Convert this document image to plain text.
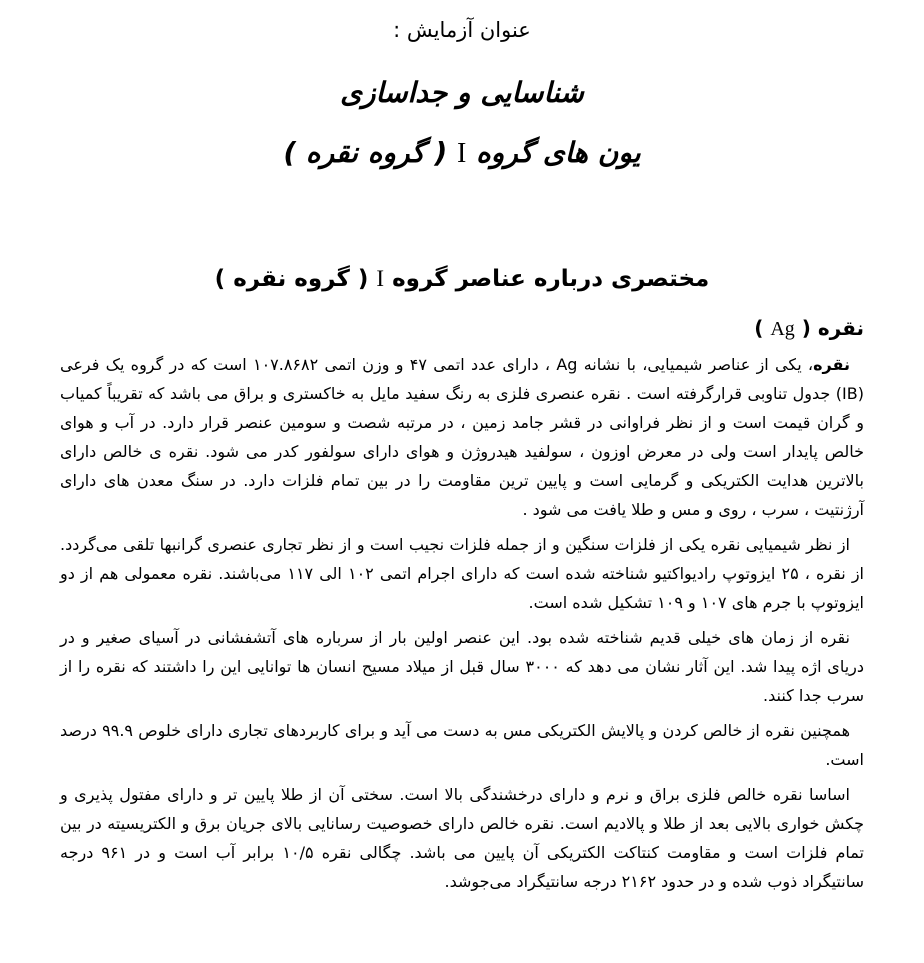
عنوان آزمایش :
شناسایی و جداسازی
یون های گروه I ( گروه نقره )
مختصری درباره عناصر گروه I ( گروه نقره )
نقره ( Ag )

نقره، یکی از عناصر شیمیایی، با نشانه Ag ، دارای عدد اتمی ۴۷ و وزن اتمی ۱۰۷.۸۶۸۲ است که در گروه یک فرعی (IB) جدول تناوبی قرارگرفته است . نقره عنصری فلزی به رنگ سفید مایل به خاکستری و براق می باشد که تقریباً کمیاب و گران قیمت است و از نظر فراوانی در قشر جامد زمین ، در مرتبه شصت و سومین عنصر قرار دارد. در آب و هوای خالص پایدار است ولی در معرض اوزون ، سولفید هیدروژن و هوای دارای سولفور کدر می شود. نقره ی خالص دارای بالاترین هدایت الکتریکی و گرمایی است و پایین ترین مقاومت را در بین تمام فلزات دارد. در سنگ معدن های دارای آرژنتیت ، سرب ، روی و مس و طلا یافت می شود .

از نظر شیمیایی نقره یکی از فلزات سنگین و از جمله فلزات نجیب است و از نظر تجاری عنصری گرانبها تلقی می‌گردد. از نقره ، ۲۵ ایزوتوپ رادیواکتیو شناخته شده است که دارای اجرام اتمی ۱۰۲ الی ۱۱۷ می‌باشند. نقره معمولی هم از دو ایزوتوپ با جرم های ۱۰۷ و ۱۰۹ تشکیل شده است.

نقره از زمان های خیلی قدیم شناخته شده بود. این عنصر اولین بار از سرباره های آتشفشانی در آسیای صغیر و در دریای اژه پیدا شد. این آثار نشان می دهد که ۳۰۰۰ سال قبل از میلاد مسیح انسان ها توانایی این را داشتند که نقره را از سرب جدا کنند.

همچنین نقره از خالص کردن و پالایش الکتریکی مس به دست می آید و برای کاربردهای تجاری دارای خلوص ۹۹.۹ درصد است.

اساسا نقره خالص فلزی براق و نرم و دارای درخشندگی بالا است. سختی آن از طلا پایین تر و دارای مفتول پذیری و چکش خواری بالایی بعد از طلا و پالادیم است. نقره خالص دارای خصوصیت رسانایی بالای جریان برق و الکتریسیته در بین تمام فلزات است و مقاومت کنتاکت الکتریکی آن پایین می باشد. چگالی نقره ۱۰/۵ برابر آب است و در ۹۶۱ درجه سانتیگراد ذوب شده و در حدود ۲۱۶۲ درجه سانتیگراد می‌جوشد.
